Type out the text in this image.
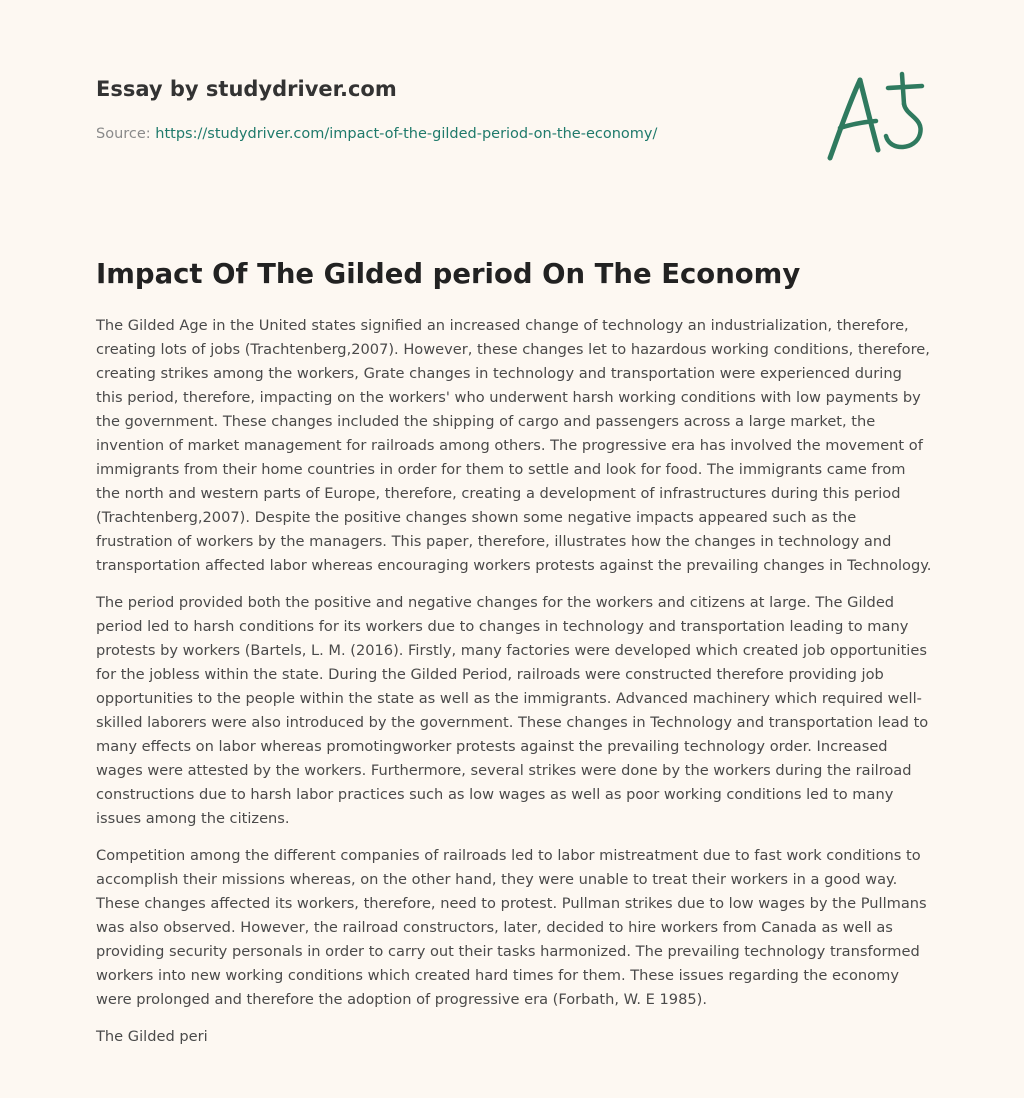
Essay by studydriver.com
Source: https://studydriver.com/impact-of-the-gilded-period-on-the-economy/
Impact Of The Gilded period On The Economy

The Gilded Age in the United states signified an increased change of technology an industrialization, therefore, creating lots of jobs (Trachtenberg,2007). However, these changes let to hazardous working conditions, therefore, creating strikes among the workers, Grate changes in technology and transportation were experienced during this period, therefore, impacting on the workers' who underwent harsh working conditions with low payments by the government. These changes included the shipping of cargo and passengers across a large market, the invention of market management for railroads among others. The progressive era has involved the movement of immigrants from their home countries in order for them to settle and look for food. The immigrants came from the north and western parts of Europe, therefore, creating a development of infrastructures during this period (Trachtenberg,2007). Despite the positive changes shown some negative impacts appeared such as the frustration of workers by the managers. This paper, therefore, illustrates how the changes in technology and transportation affected labor whereas encouraging workers protests against the prevailing changes in Technology.

The period provided both the positive and negative changes for the workers and citizens at large. The Gilded period led to harsh conditions for its workers due to changes in technology and transportation leading to many protests by workers (Bartels, L. M. (2016). Firstly, many factories were developed which created job opportunities for the jobless within the state. During the Gilded Period, railroads were constructed therefore providing job opportunities to the people within the state as well as the immigrants. Advanced machinery which required well-skilled laborers were also introduced by the government. These changes in Technology and transportation lead to many effects on labor whereas promotingworker protests against the prevailing technology order. Increased wages were attested by the workers. Furthermore, several strikes were done by the workers during the railroad constructions due to harsh labor practices such as low wages as well as poor working conditions led to many issues among the citizens.

Competition among the different companies of railroads led to labor mistreatment due to fast work conditions to accomplish their missions whereas, on the other hand, they were unable to treat their workers in a good way. These changes affected its workers, therefore, need to protest. Pullman strikes due to low wages by the Pullmans was also observed. However, the railroad constructors, later, decided to hire workers from Canada as well as providing security personals in order to carry out their tasks harmonized. The prevailing technology transformed workers into new working conditions which created hard times for them. These issues regarding the economy were prolonged and therefore the adoption of progressive era (Forbath, W. E 1985).

The Gilded peri
